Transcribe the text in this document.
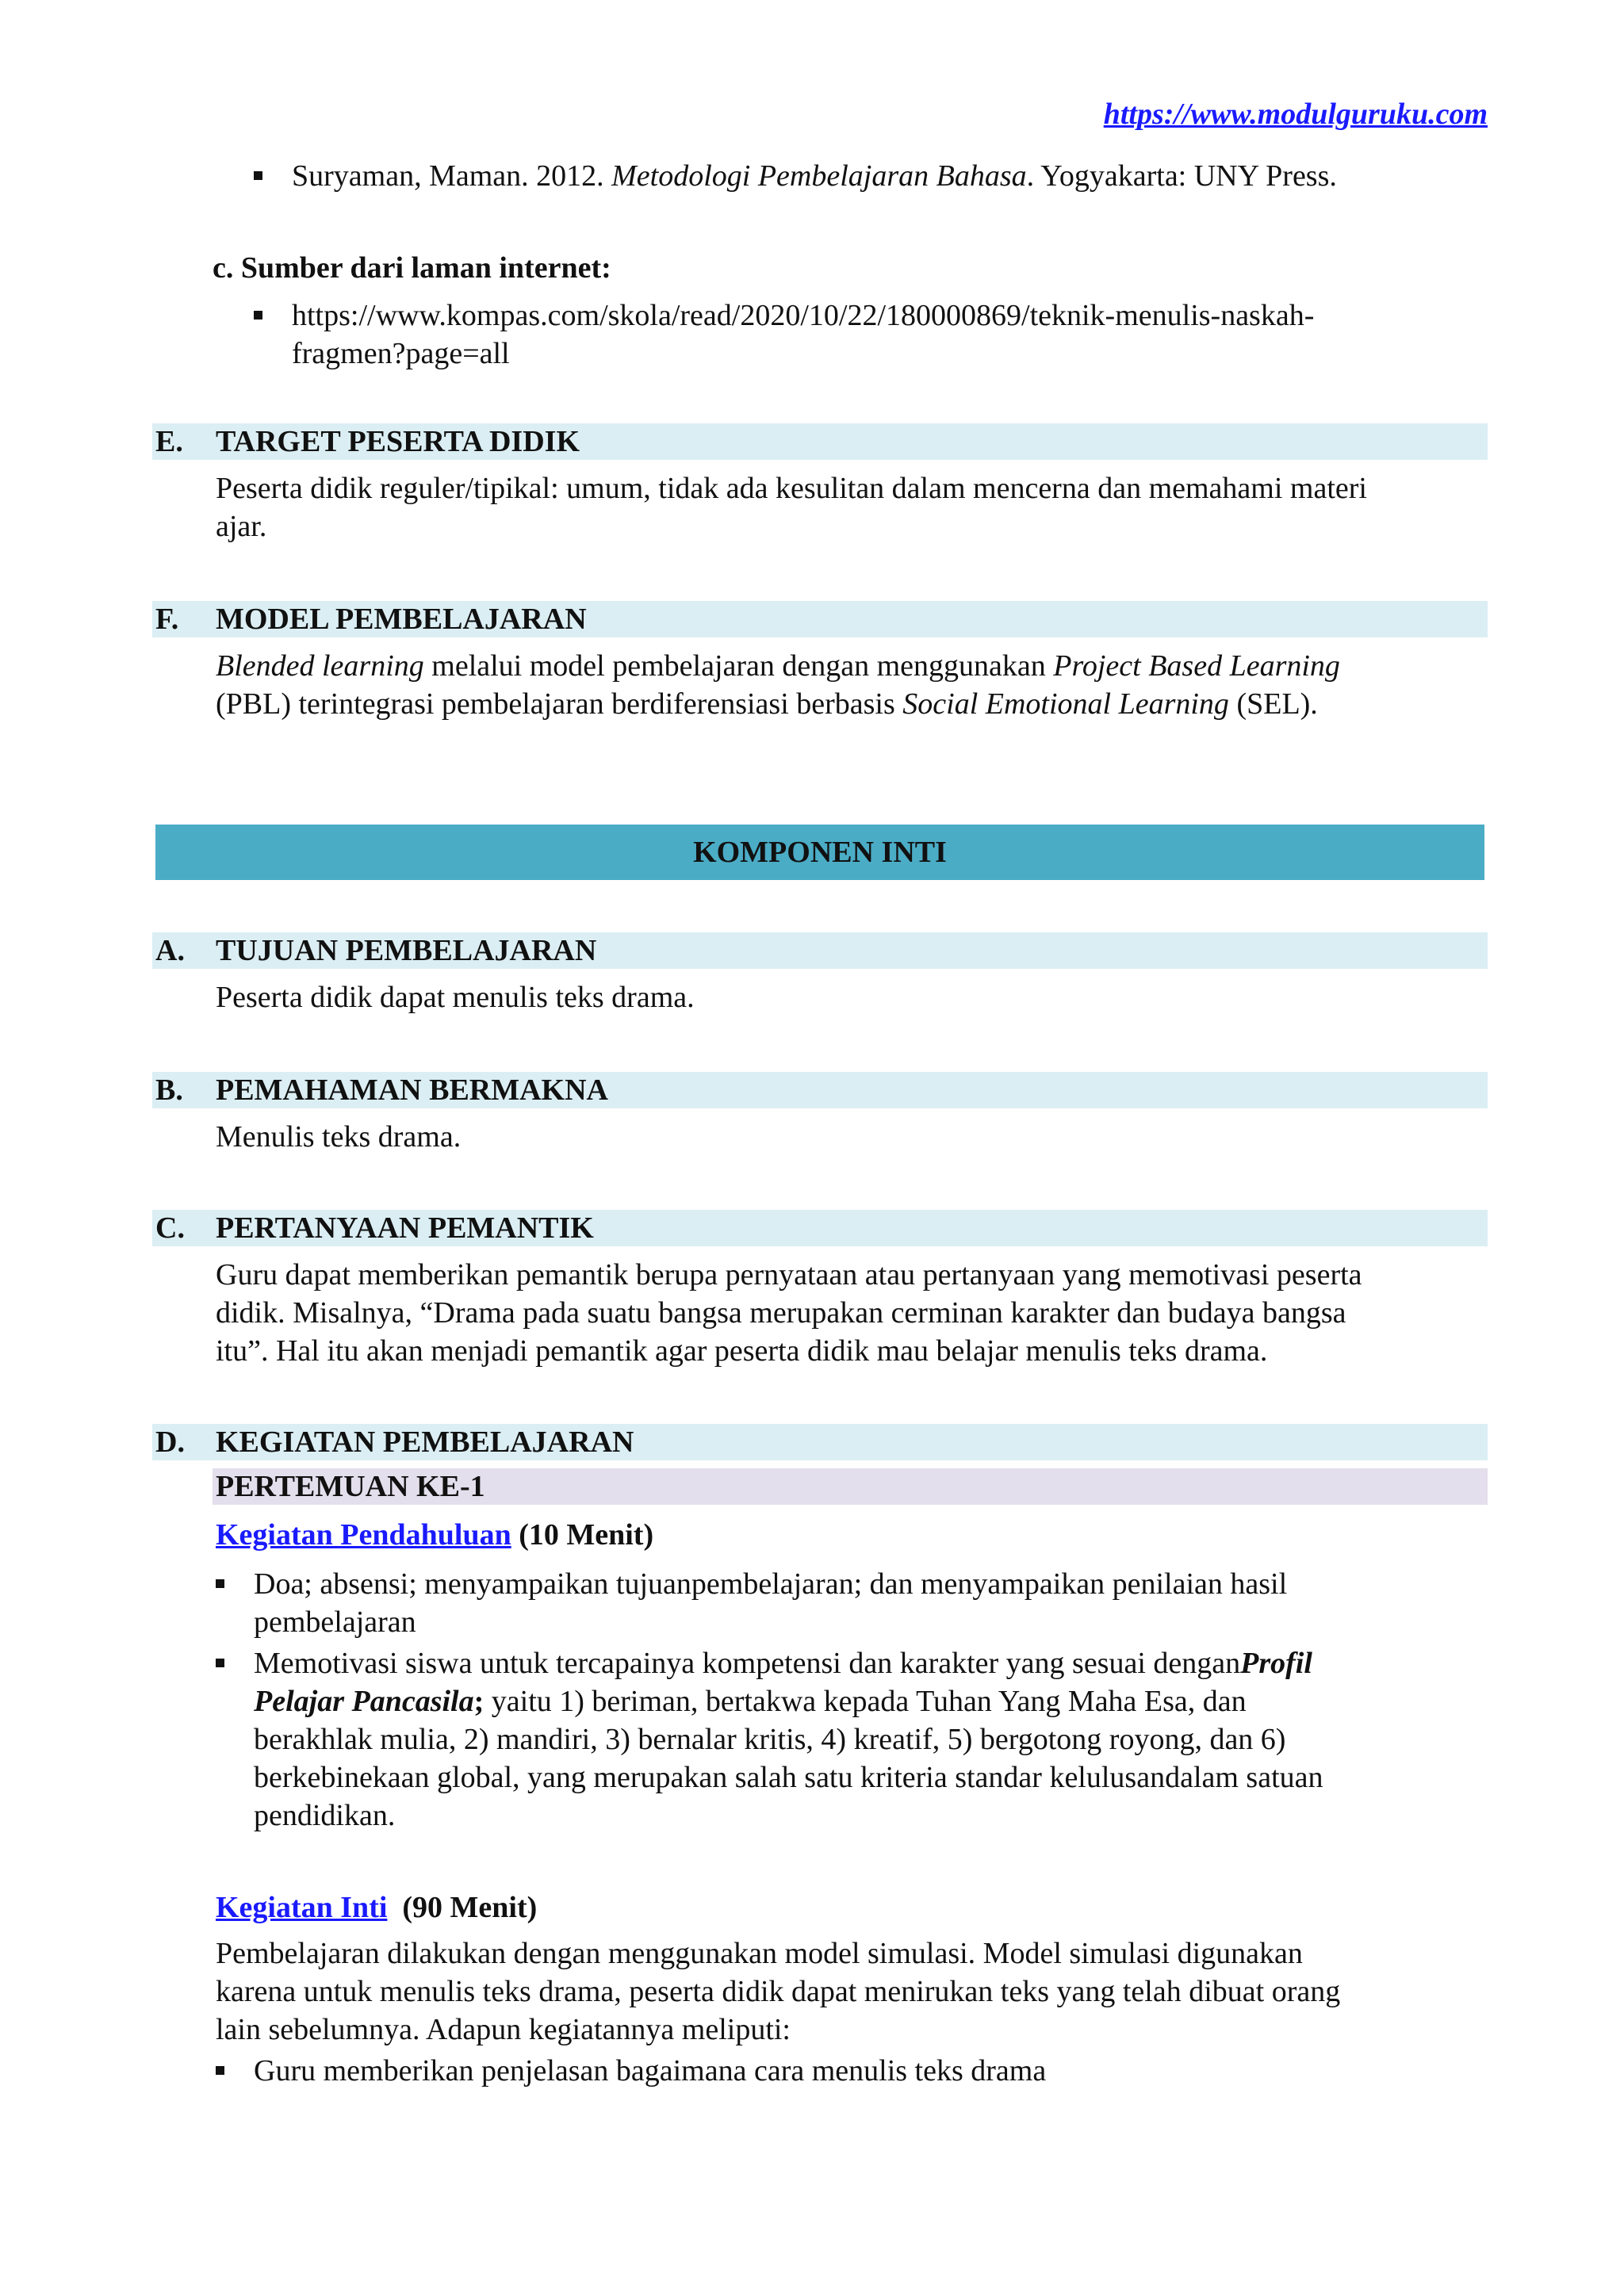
https://www.modulguruku.com
Suryaman, Maman. 2012. Metodologi Pembelajaran Bahasa. Yogyakarta: UNY Press.
c. Sumber dari laman internet:
https://www.kompas.com/skola/read/2020/10/22/180000869/teknik-menulis-naskah-
fragmen?page=all
E. TARGET PESERTA DIDIK
Peserta didik reguler/tipikal: umum, tidak ada kesulitan dalam mencerna dan memahami materi
ajar.
F. MODEL PEMBELAJARAN
Blended learning melalui model pembelajaran dengan menggunakan Project Based Learning
(PBL) terintegrasi pembelajaran berdiferensiasi berbasis Social Emotional Learning (SEL).
KOMPONEN INTI
A. TUJUAN PEMBELAJARAN
Peserta didik dapat menulis teks drama.
B. PEMAHAMAN BERMAKNA
Menulis teks drama.
C. PERTANYAAN PEMANTIK
Guru dapat memberikan pemantik berupa pernyataan atau pertanyaan yang memotivasi peserta
didik. Misalnya, “Drama pada suatu bangsa merupakan cerminan karakter dan budaya bangsa
itu”. Hal itu akan menjadi pemantik agar peserta didik mau belajar menulis teks drama.
D. KEGIATAN PEMBELAJARAN
PERTEMUAN KE-1
Kegiatan Pendahuluan (10 Menit)
Doa; absensi; menyampaikan tujuanpembelajaran; dan menyampaikan penilaian hasil
pembelajaran
Memotivasi siswa untuk tercapainya kompetensi dan karakter yang sesuai denganProfil
Pelajar Pancasila; yaitu 1) beriman, bertakwa kepada Tuhan Yang Maha Esa, dan
berakhlak mulia, 2) mandiri, 3) bernalar kritis, 4) kreatif, 5) bergotong royong, dan 6)
berkebinekaan global, yang merupakan salah satu kriteria standar kelulusandalam satuan
pendidikan.
Kegiatan Inti  (90 Menit)
Pembelajaran dilakukan dengan menggunakan model simulasi. Model simulasi digunakan
karena untuk menulis teks drama, peserta didik dapat menirukan teks yang telah dibuat orang
lain sebelumnya. Adapun kegiatannya meliputi:
Guru memberikan penjelasan bagaimana cara menulis teks drama
